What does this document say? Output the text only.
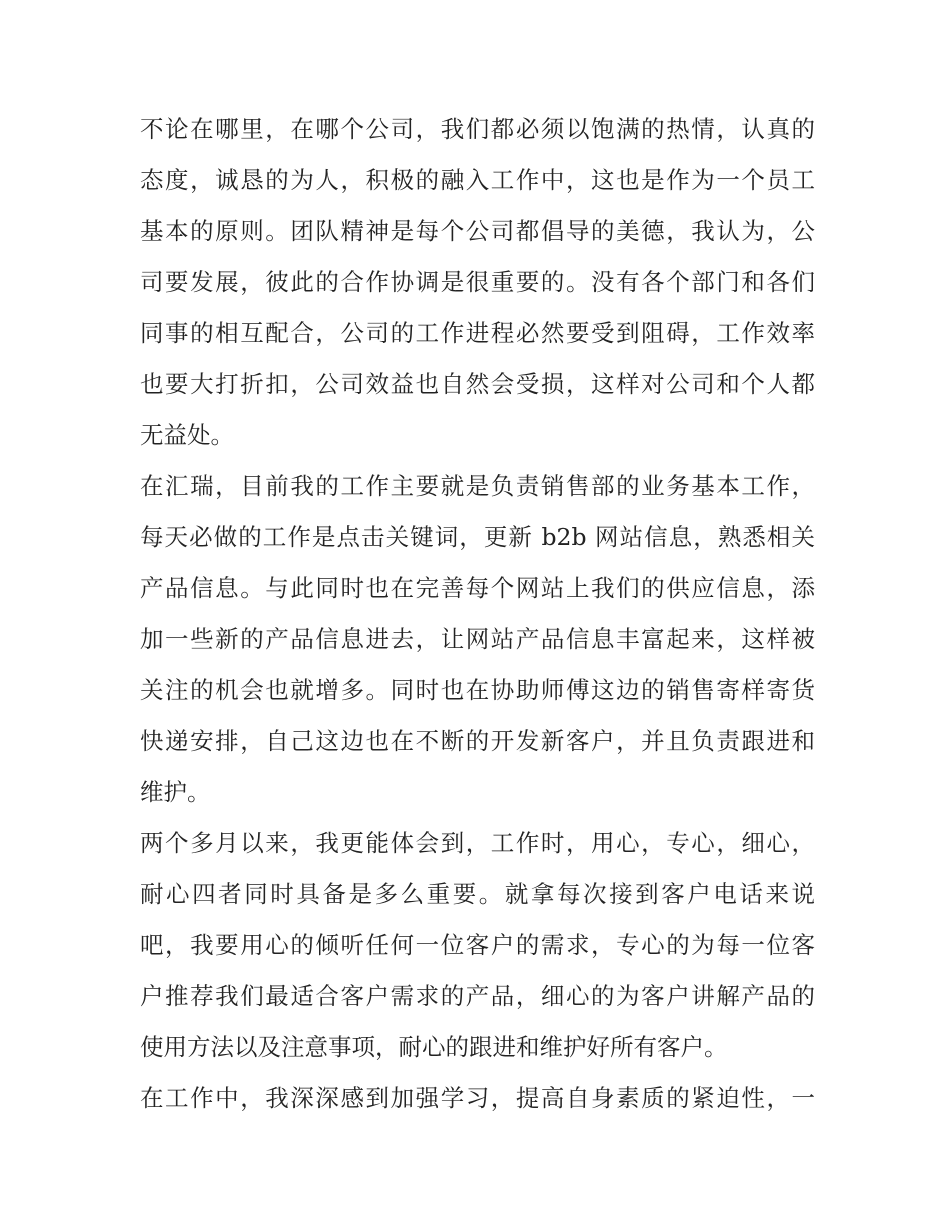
不论在哪里，在哪个公司，我们都必须以饱满的热情，认真的
态度，诚恳的为人，积极的融入工作中，这也是作为一个员工
基本的原则。团队精神是每个公司都倡导的美德，我认为，公
司要发展，彼此的合作协调是很重要的。没有各个部门和各们
同事的相互配合，公司的工作进程必然要受到阻碍，工作效率
也要大打折扣，公司效益也自然会受损，这样对公司和个人都
无益处。
在汇瑞，目前我的工作主要就是负责销售部的业务基本工作，
每天必做的工作是点击关键词，更新 b2b 网站信息，熟悉相关
产品信息。与此同时也在完善每个网站上我们的供应信息，添
加一些新的产品信息进去，让网站产品信息丰富起来，这样被
关注的机会也就增多。同时也在协助师傅这边的销售寄样寄货
快递安排，自己这边也在不断的开发新客户，并且负责跟进和
维护。
两个多月以来，我更能体会到，工作时，用心，专心，细心，
耐心四者同时具备是多么重要。就拿每次接到客户电话来说
吧，我要用心的倾听任何一位客户的需求，专心的为每一位客
户推荐我们最适合客户需求的产品，细心的为客户讲解产品的
使用方法以及注意事项，耐心的跟进和维护好所有客户。
在工作中，我深深感到加强学习，提高自身素质的紧迫性，一
